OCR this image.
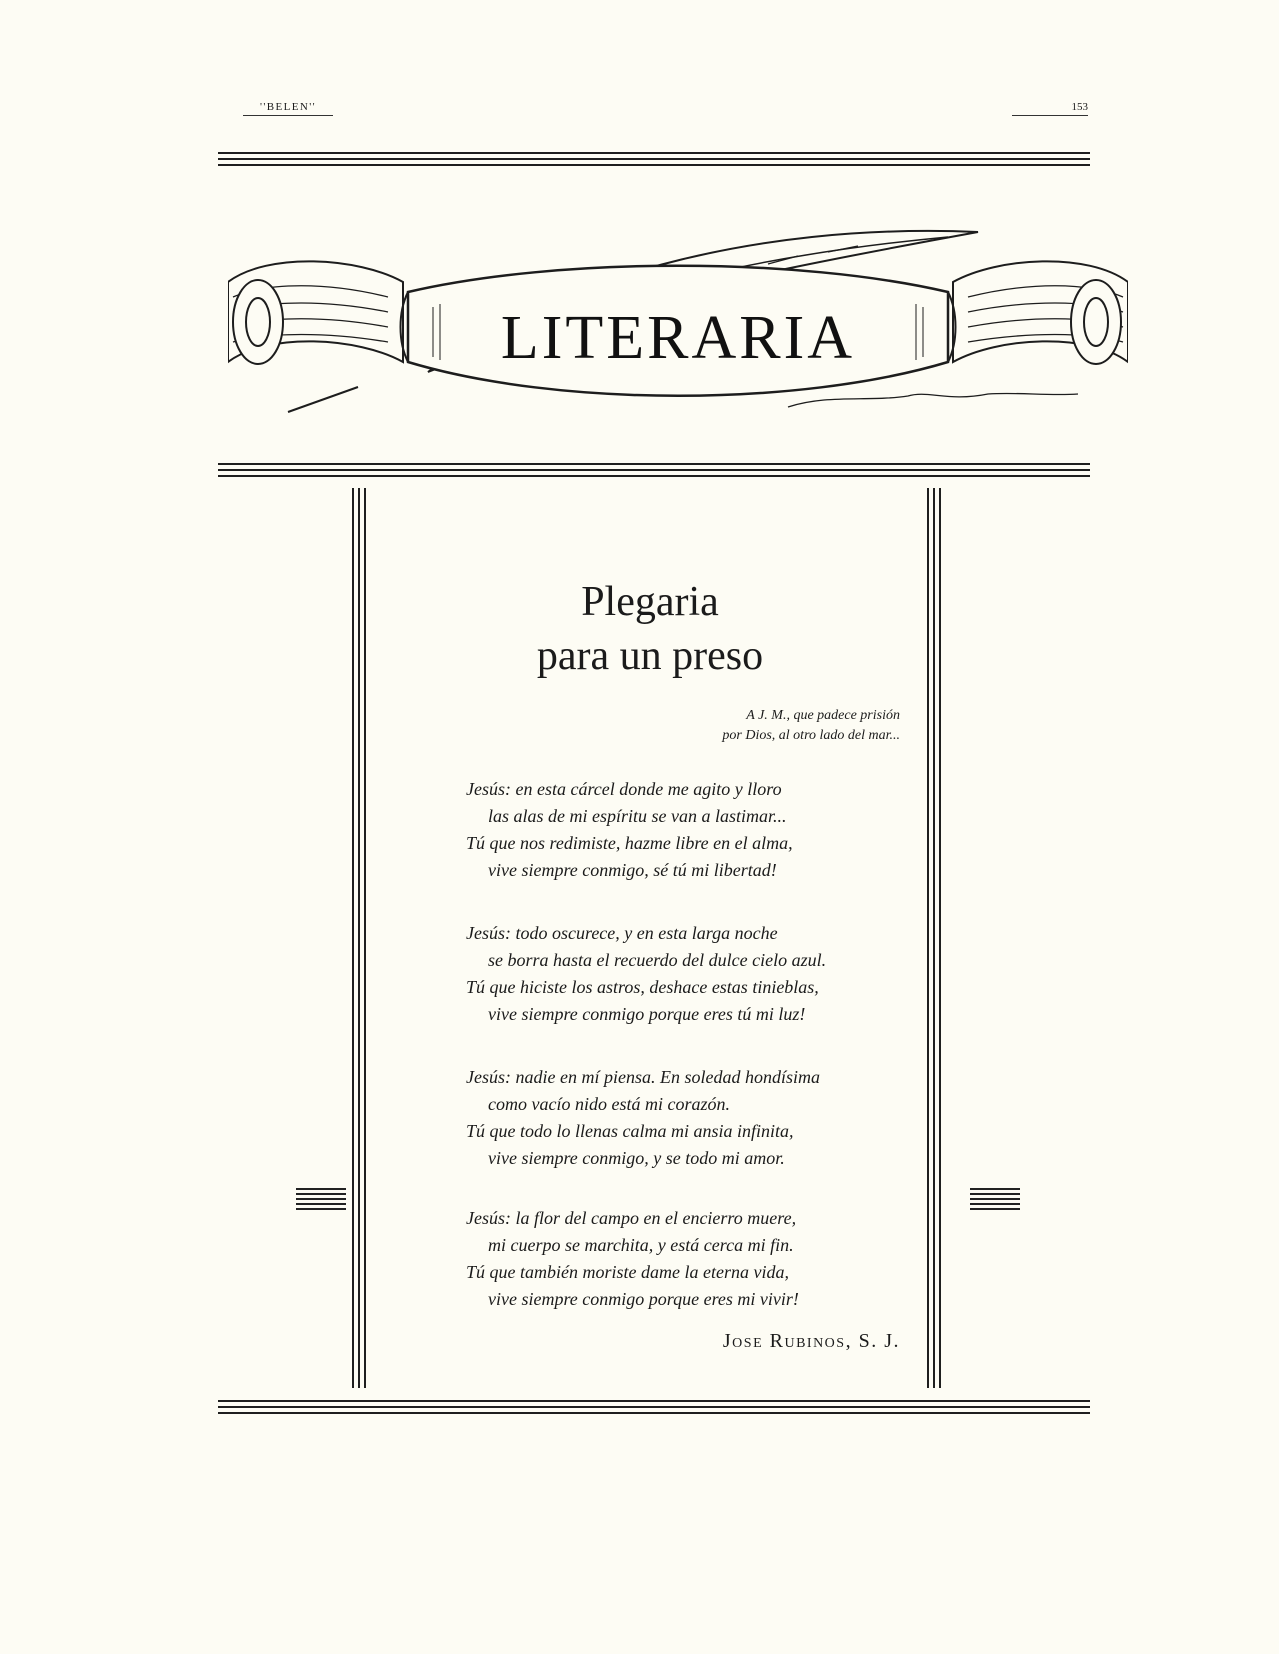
''BELEN''	153
LITERARIA
Plegaria
para un preso
A J. M., que padece prisión
por Dios, al otro lado del mar...
Jesús: en esta cárcel donde me agito y lloro
las alas de mi espíritu se van a lastimar...
Tú que nos redimiste, hazme libre en el alma,
vive siempre conmigo, sé tú mi libertad!
Jesús: todo oscurece, y en esta larga noche
se borra hasta el recuerdo del dulce cielo azul.
Tú que hiciste los astros, deshace estas tinieblas,
vive siempre conmigo porque eres tú mi luz!
Jesús: nadie en mí piensa. En soledad hondísima
como vacío nido está mi corazón.
Tú que todo lo llenas calma mi ansia infinita,
vive siempre conmigo, y se todo mi amor.
Jesús: la flor del campo en el encierro muere,
mi cuerpo se marchita, y está cerca mi fin.
Tú que también moriste dame la eterna vida,
vive siempre conmigo porque eres mi vivir!
Jose Rubinos, S. J.
